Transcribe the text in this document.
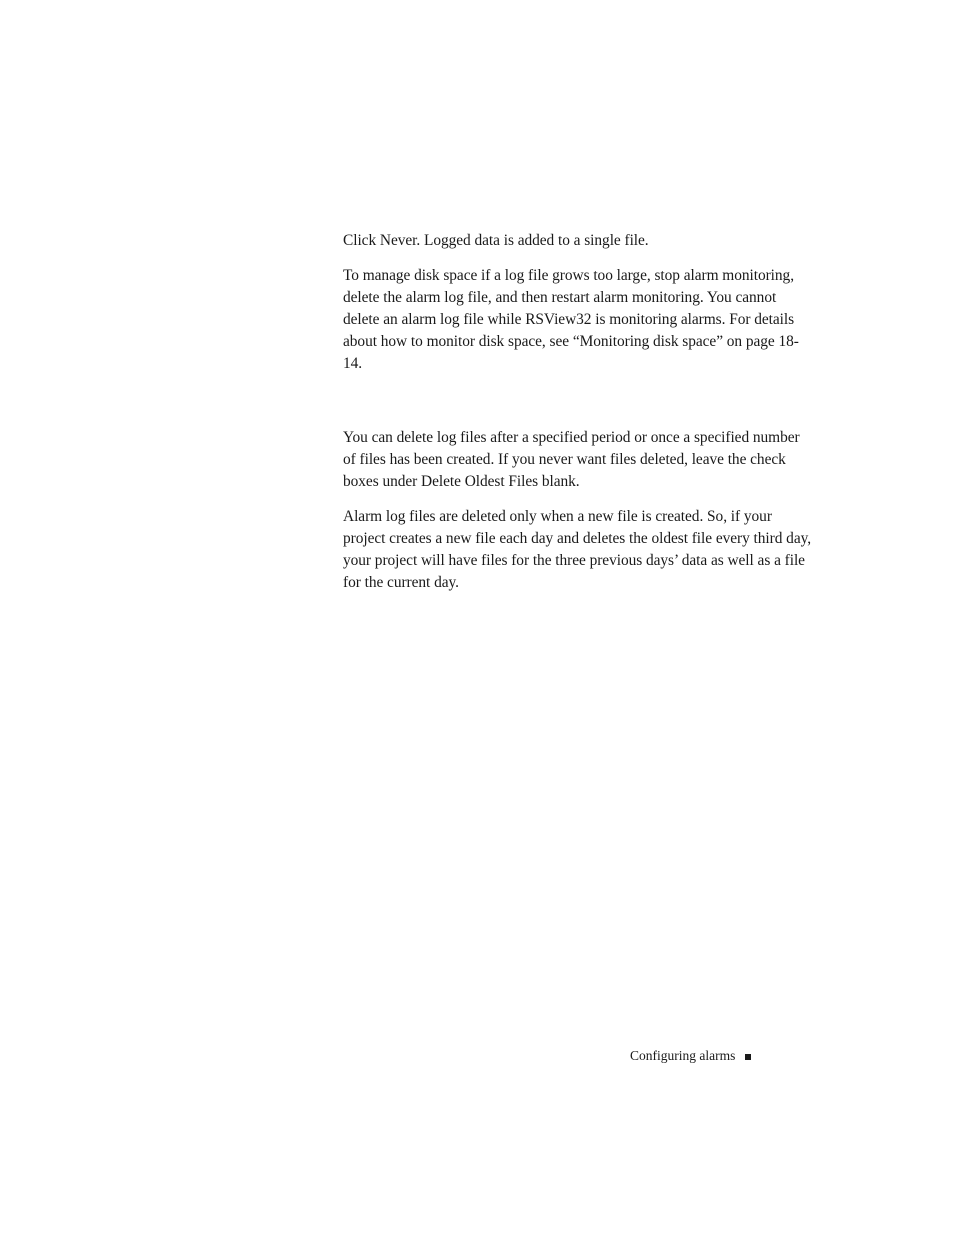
Click Never. Logged data is added to a single file.

To manage disk space if a log file grows too large, stop alarm monitoring, delete the alarm log file, and then restart alarm monitoring. You cannot delete an alarm log file while RSView32 is monitoring alarms. For details about how to monitor disk space, see “Monitoring disk space” on page 18-14.

You can delete log files after a specified period or once a specified number of files has been created. If you never want files deleted, leave the check boxes under Delete Oldest Files blank.

Alarm log files are deleted only when a new file is created. So, if your project creates a new file each day and deletes the oldest file every third day, your project will have files for the three previous days’ data as well as a file for the current day.

Configuring alarms
